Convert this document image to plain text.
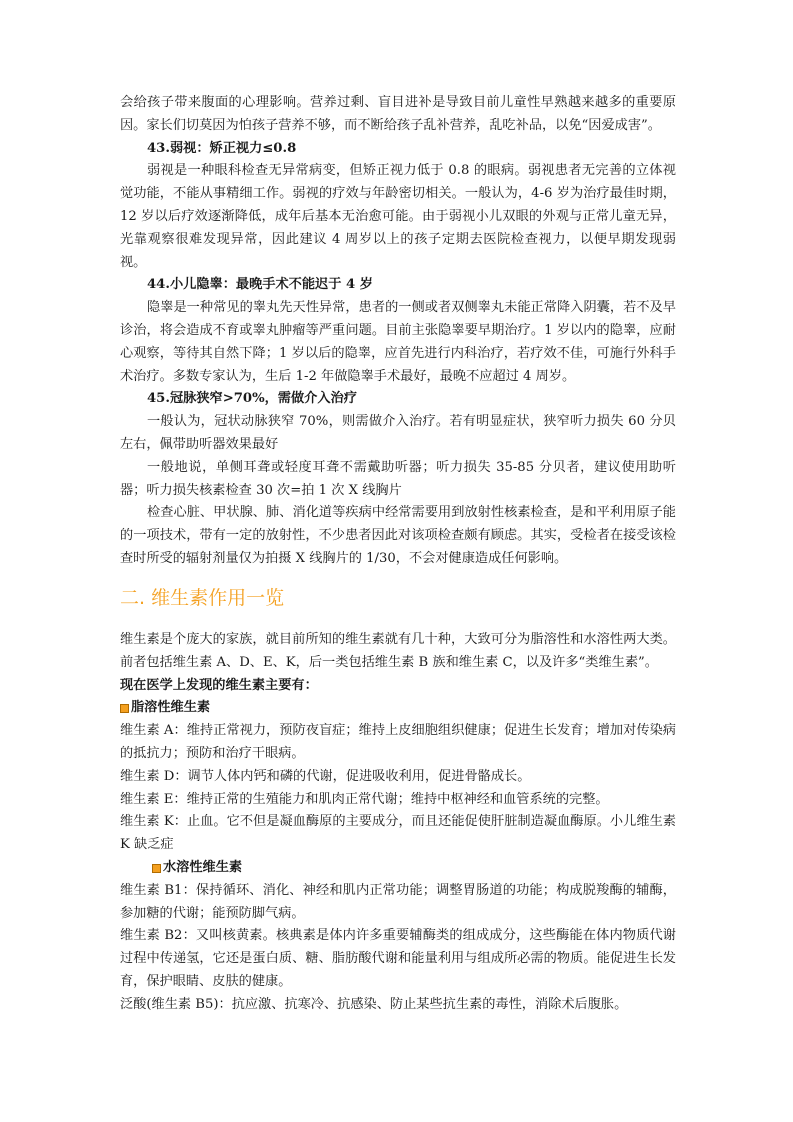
会给孩子带来腹面的心理影响。营养过剩、盲目进补是导致目前儿童性早熟越来越多的重要原因。家长们切莫因为怕孩子营养不够，而不断给孩子乱补营养，乱吃补品，以免“因爱成害”。

43.弱视：矫正视力≤0.8

弱视是一种眼科检查无异常病变，但矫正视力低于 0.8 的眼病。弱视患者无完善的立体视觉功能，不能从事精细工作。弱视的疗效与年龄密切相关。一般认为，4-6 岁为治疗最佳时期，12 岁以后疗效逐渐降低，成年后基本无治愈可能。由于弱视小儿双眼的外观与正常儿童无异，光靠观察很难发现异常，因此建议 4 周岁以上的孩子定期去医院检查视力，以便早期发现弱视。

44.小儿隐睾：最晚手术不能迟于 4 岁

隐睾是一种常见的睾丸先天性异常，患者的一侧或者双侧睾丸未能正常降入阴囊，若不及早诊治，将会造成不育或睾丸肿瘤等严重问题。目前主张隐睾要早期治疗。1 岁以内的隐睾，应耐心观察，等待其自然下降；1 岁以后的隐睾，应首先进行内科治疗，若疗效不佳，可施行外科手术治疗。多数专家认为，生后 1-2 年做隐睾手术最好，最晚不应超过 4 周岁。

45.冠脉狭窄>70%，需做介入治疗

一般认为，冠状动脉狭窄 70%，则需做介入治疗。若有明显症状，狭窄听力损失 60 分贝左右，佩带助听器效果最好

一般地说，单侧耳聋或轻度耳聋不需戴助听器；听力损失 35-85 分贝者，建议使用助听器；听力损失核素检查 30 次=拍 1 次 X 线胸片

检查心脏、甲状腺、肺、消化道等疾病中经常需要用到放射性核素检查，是和平利用原子能的一项技术，带有一定的放射性，不少患者因此对该项检查颇有顾虑。其实，受检者在接受该检查时所受的辐射剂量仅为拍摄 X 线胸片的 1/30，不会对健康造成任何影响。

二. 维生素作用一览

维生素是个庞大的家族，就目前所知的维生素就有几十种，大致可分为脂溶性和水溶性两大类。前者包括维生素 A、D、E、K，后一类包括维生素 B 族和维生素 C，以及许多“类维生素”。

现在医学上发现的维生素主要有：

脂溶性维生素

维生素 A：维持正常视力，预防夜盲症；维持上皮细胞组织健康；促进生长发育；增加对传染病的抵抗力；预防和治疗干眼病。

维生素 D：调节人体内钙和磷的代谢，促进吸收利用，促进骨骼成长。

维生素 E：维持正常的生殖能力和肌肉正常代谢；维持中枢神经和血管系统的完整。

维生素 K：止血。它不但是凝血酶原的主要成分，而且还能促使肝脏制造凝血酶原。小儿维生素 K 缺乏症

水溶性维生素

维生素 B1：保持循环、消化、神经和肌内正常功能；调整胃肠道的功能；构成脱羧酶的辅酶，参加糖的代谢；能预防脚气病。

维生素 B2：又叫核黄素。核典素是体内许多重要辅酶类的组成成分，这些酶能在体内物质代谢过程中传递氢，它还是蛋白质、糖、脂肪酸代谢和能量利用与组成所必需的物质。能促进生长发育，保护眼睛、皮肤的健康。

泛酸(维生素 B5)：抗应激、抗寒冷、抗感染、防止某些抗生素的毒性，消除术后腹胀。
